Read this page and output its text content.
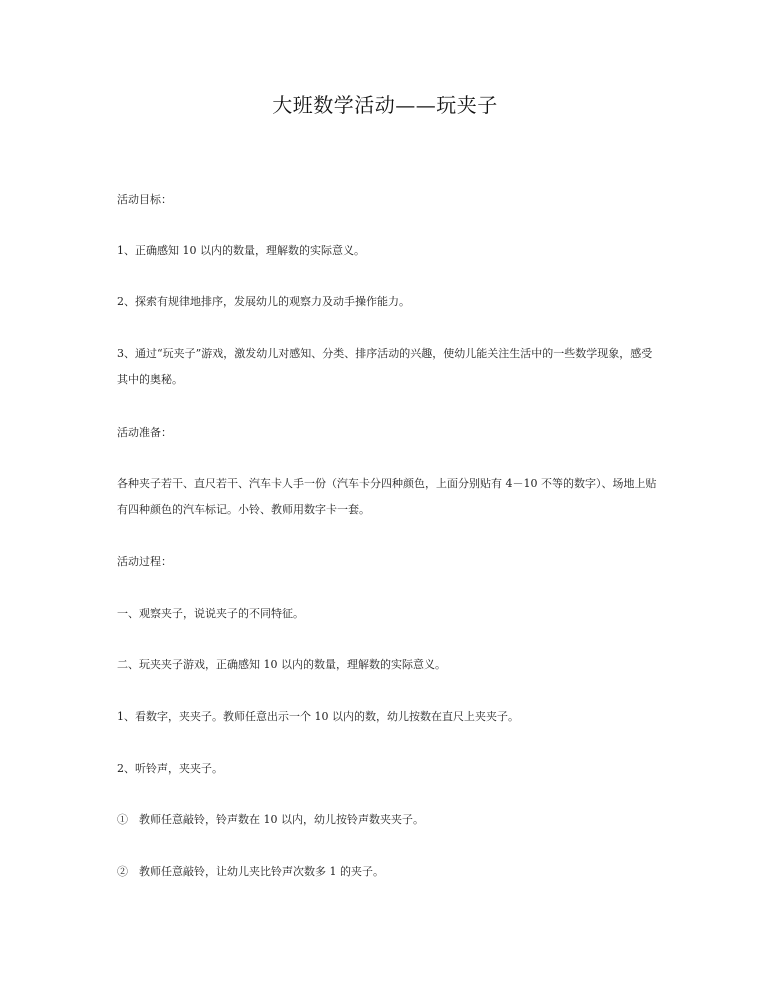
大班数学活动——玩夹子

活动目标：

1、正确感知 10 以内的数量，理解数的实际意义。

2、探索有规律地排序，发展幼儿的观察力及动手操作能力。

3、通过“玩夹子”游戏，激发幼儿对感知、分类、排序活动的兴趣，使幼儿能关注生活中的一些数学现象，感受其中的奥秘。

活动准备：

各种夹子若干、直尺若干、汽车卡人手一份（汽车卡分四种颜色，上面分别贴有 4－10 不等的数字）、场地上贴有四种颜色的汽车标记。小铃、教师用数字卡一套。

活动过程：

一、观察夹子，说说夹子的不同特征。

二、玩夹夹子游戏，正确感知 10 以内的数量，理解数的实际意义。

1、看数字，夹夹子。教师任意出示一个 10 以内的数，幼儿按数在直尺上夹夹子。

2、听铃声，夹夹子。

①　教师任意敲铃，铃声数在 10 以内，幼儿按铃声数夹夹子。

②　教师任意敲铃，让幼儿夹比铃声次数多 1 的夹子。
